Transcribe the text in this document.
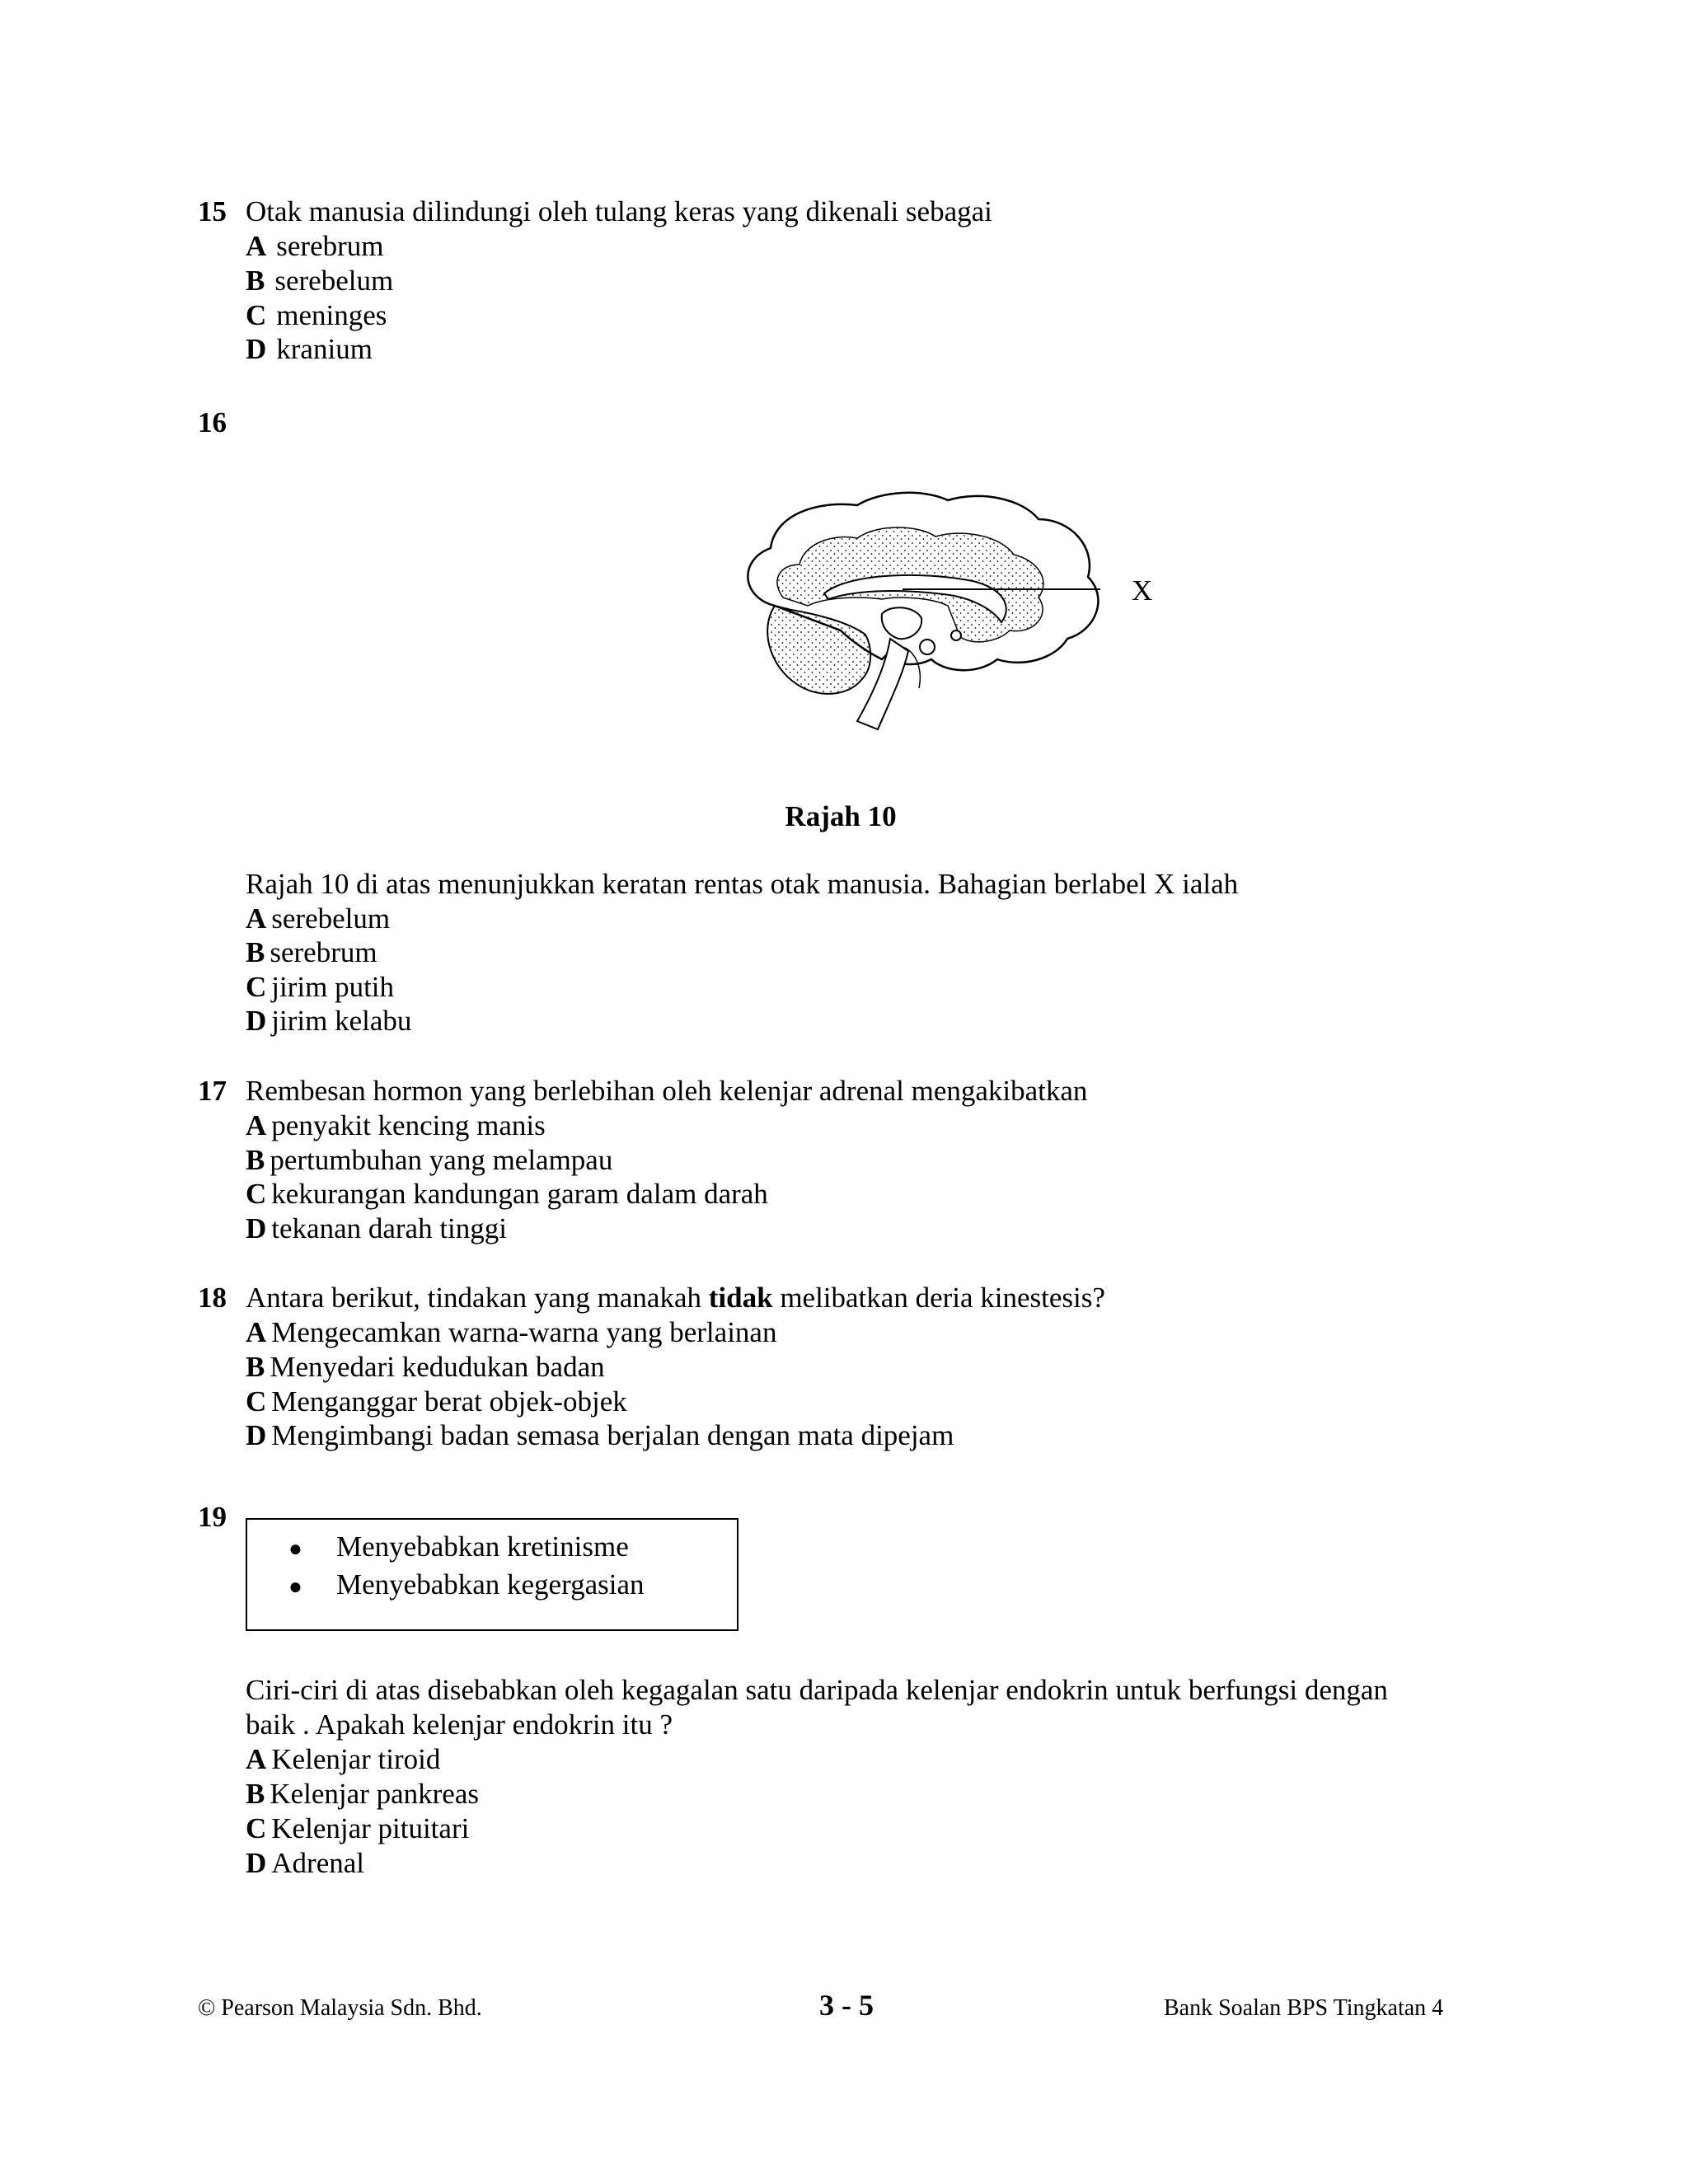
15 Otak manusia dilindungi oleh tulang keras yang dikenali sebagai
A serebrum
B serebelum
C meninges
D kranium
16
X
Rajah 10
Rajah 10 di atas menunjukkan keratan rentas otak manusia. Bahagian berlabel X ialah
A serebelum
B serebrum
C jirim putih
D jirim kelabu
17 Rembesan hormon yang berlebihan oleh kelenjar adrenal mengakibatkan
A penyakit kencing manis
B pertumbuhan yang melampau
C kekurangan kandungan garam dalam darah
D tekanan darah tinggi
18 Antara berikut, tindakan yang manakah tidak melibatkan deria kinestesis?
A Mengecamkan warna-warna yang berlainan
B Menyedari kedudukan badan
C Menganggar berat objek-objek
D Mengimbangi badan semasa berjalan dengan mata dipejam
19
● Menyebabkan kretinisme
● Menyebabkan kegergasian
Ciri-ciri di atas disebabkan oleh kegagalan satu daripada kelenjar endokrin untuk berfungsi dengan
baik . Apakah kelenjar endokrin itu ?
A Kelenjar tiroid
B Kelenjar pankreas
C Kelenjar pituitari
D Adrenal
© Pearson Malaysia Sdn. Bhd.	3 - 5	Bank Soalan BPS Tingkatan 4
